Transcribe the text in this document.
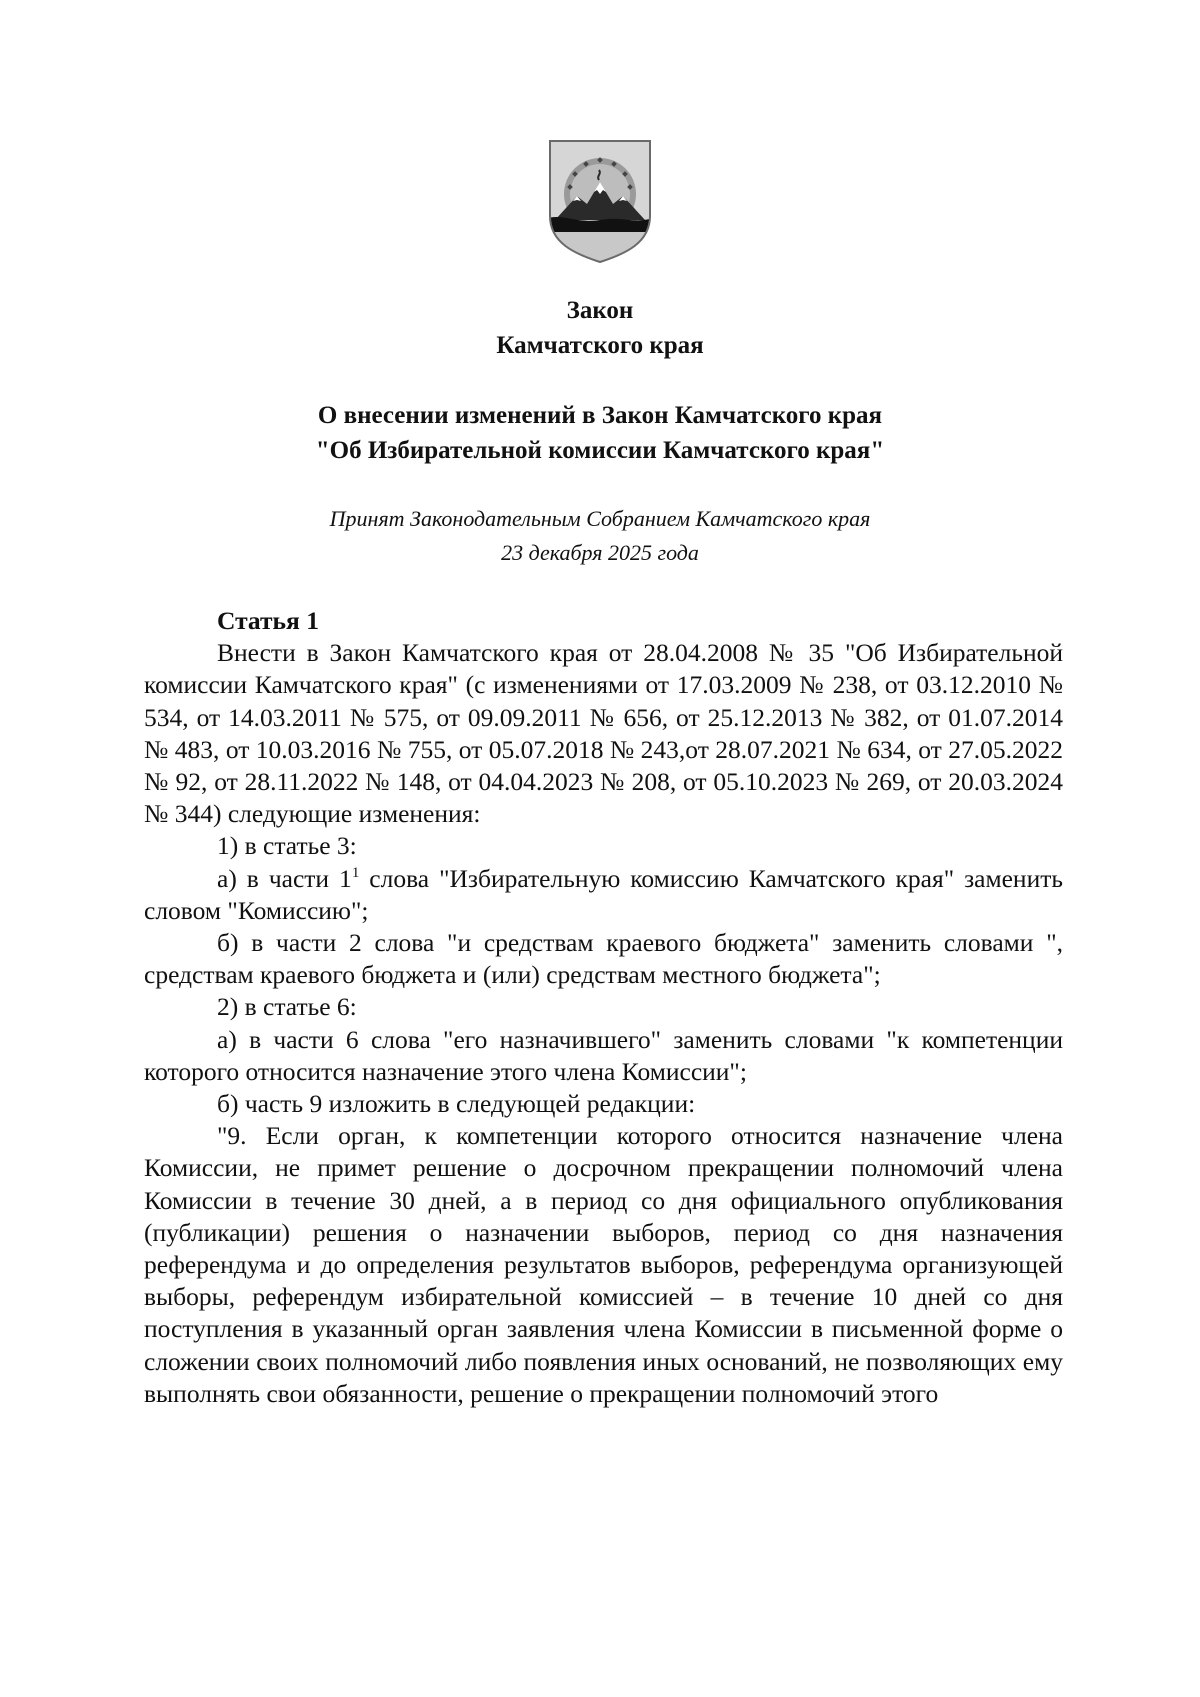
Закон
Камчатского края
О внесении изменений в Закон Камчатского края
"Об Избирательной комиссии Камчатского края"
Принят Законодательным Собранием Камчатского края
23 декабря 2025 года

Статья 1

Внести в Закон Камчатского края от 28.04.2008 № 35 "Об Избирательной комиссии Камчатского края" (с изменениями от 17.03.2009 № 238, от 03.12.2010 № 534, от 14.03.2011 № 575, от 09.09.2011 № 656, от 25.12.2013 № 382, от 01.07.2014 № 483, от 10.03.2016 № 755, от 05.07.2018 № 243,от 28.07.2021 № 634, от 27.05.2022 № 92, от 28.11.2022 № 148, от 04.04.2023 № 208, от 05.10.2023 № 269, от 20.03.2024 № 344) следующие изменения:

1) в статье 3:

а) в части $1^1$ слова "Избирательную комиссию Камчатского края" заменить словом "Комиссию";

б) в части 2 слова "и средствам краевого бюджета" заменить словами ", средствам краевого бюджета и (или) средствам местного бюджета";

2) в статье 6:

а) в части 6 слова "его назначившего" заменить словами "к компетенции которого относится назначение этого члена Комиссии";

б) часть 9 изложить в следующей редакции:

"9. Если орган, к компетенции которого относится назначение члена Комиссии, не примет решение о досрочном прекращении полномочий члена Комиссии в течение 30 дней, а в период со дня официального опубликования (публикации) решения о назначении выборов, период со дня назначения референдума и до определения результатов выборов, референдума организующей выборы, референдум избирательной комиссией – в течение 10 дней со дня поступления в указанный орган заявления члена Комиссии в письменной форме о сложении своих полномочий либо появления иных оснований, не позволяющих ему выполнять свои обязанности, решение о прекращении полномочий этого
